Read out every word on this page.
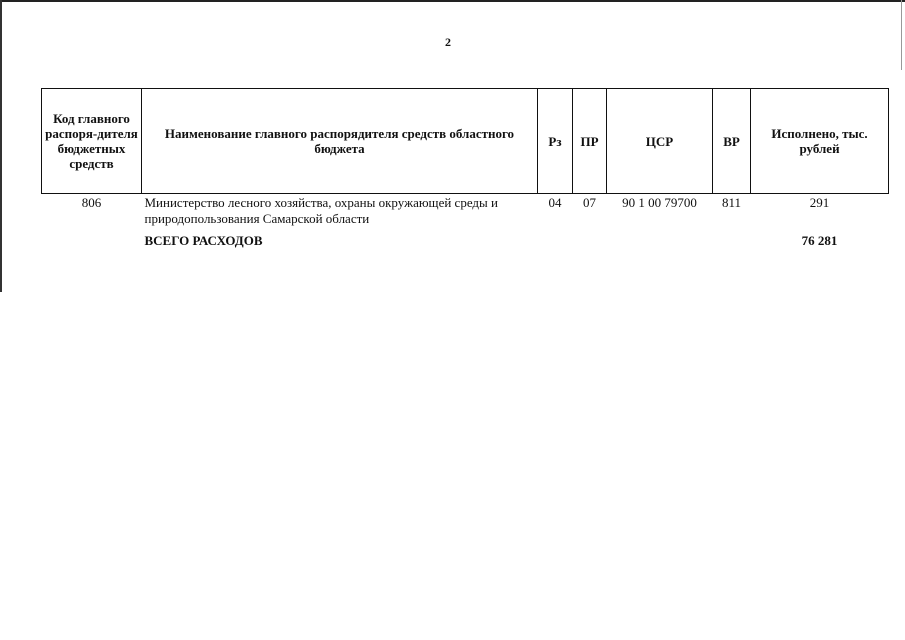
2
Код главного распоря-дителя бюджетных средств	Наименование главного распорядителя средств областного бюджета	Рз	ПР	ЦСР	ВР	Исполнено, тыс. рублей
806	Министерство лесного хозяйства, охраны окружающей среды и природопользования Самарской области	04	07	90 1 00 79700	811	291
	ВСЕГО РАСХОДОВ					76 281
